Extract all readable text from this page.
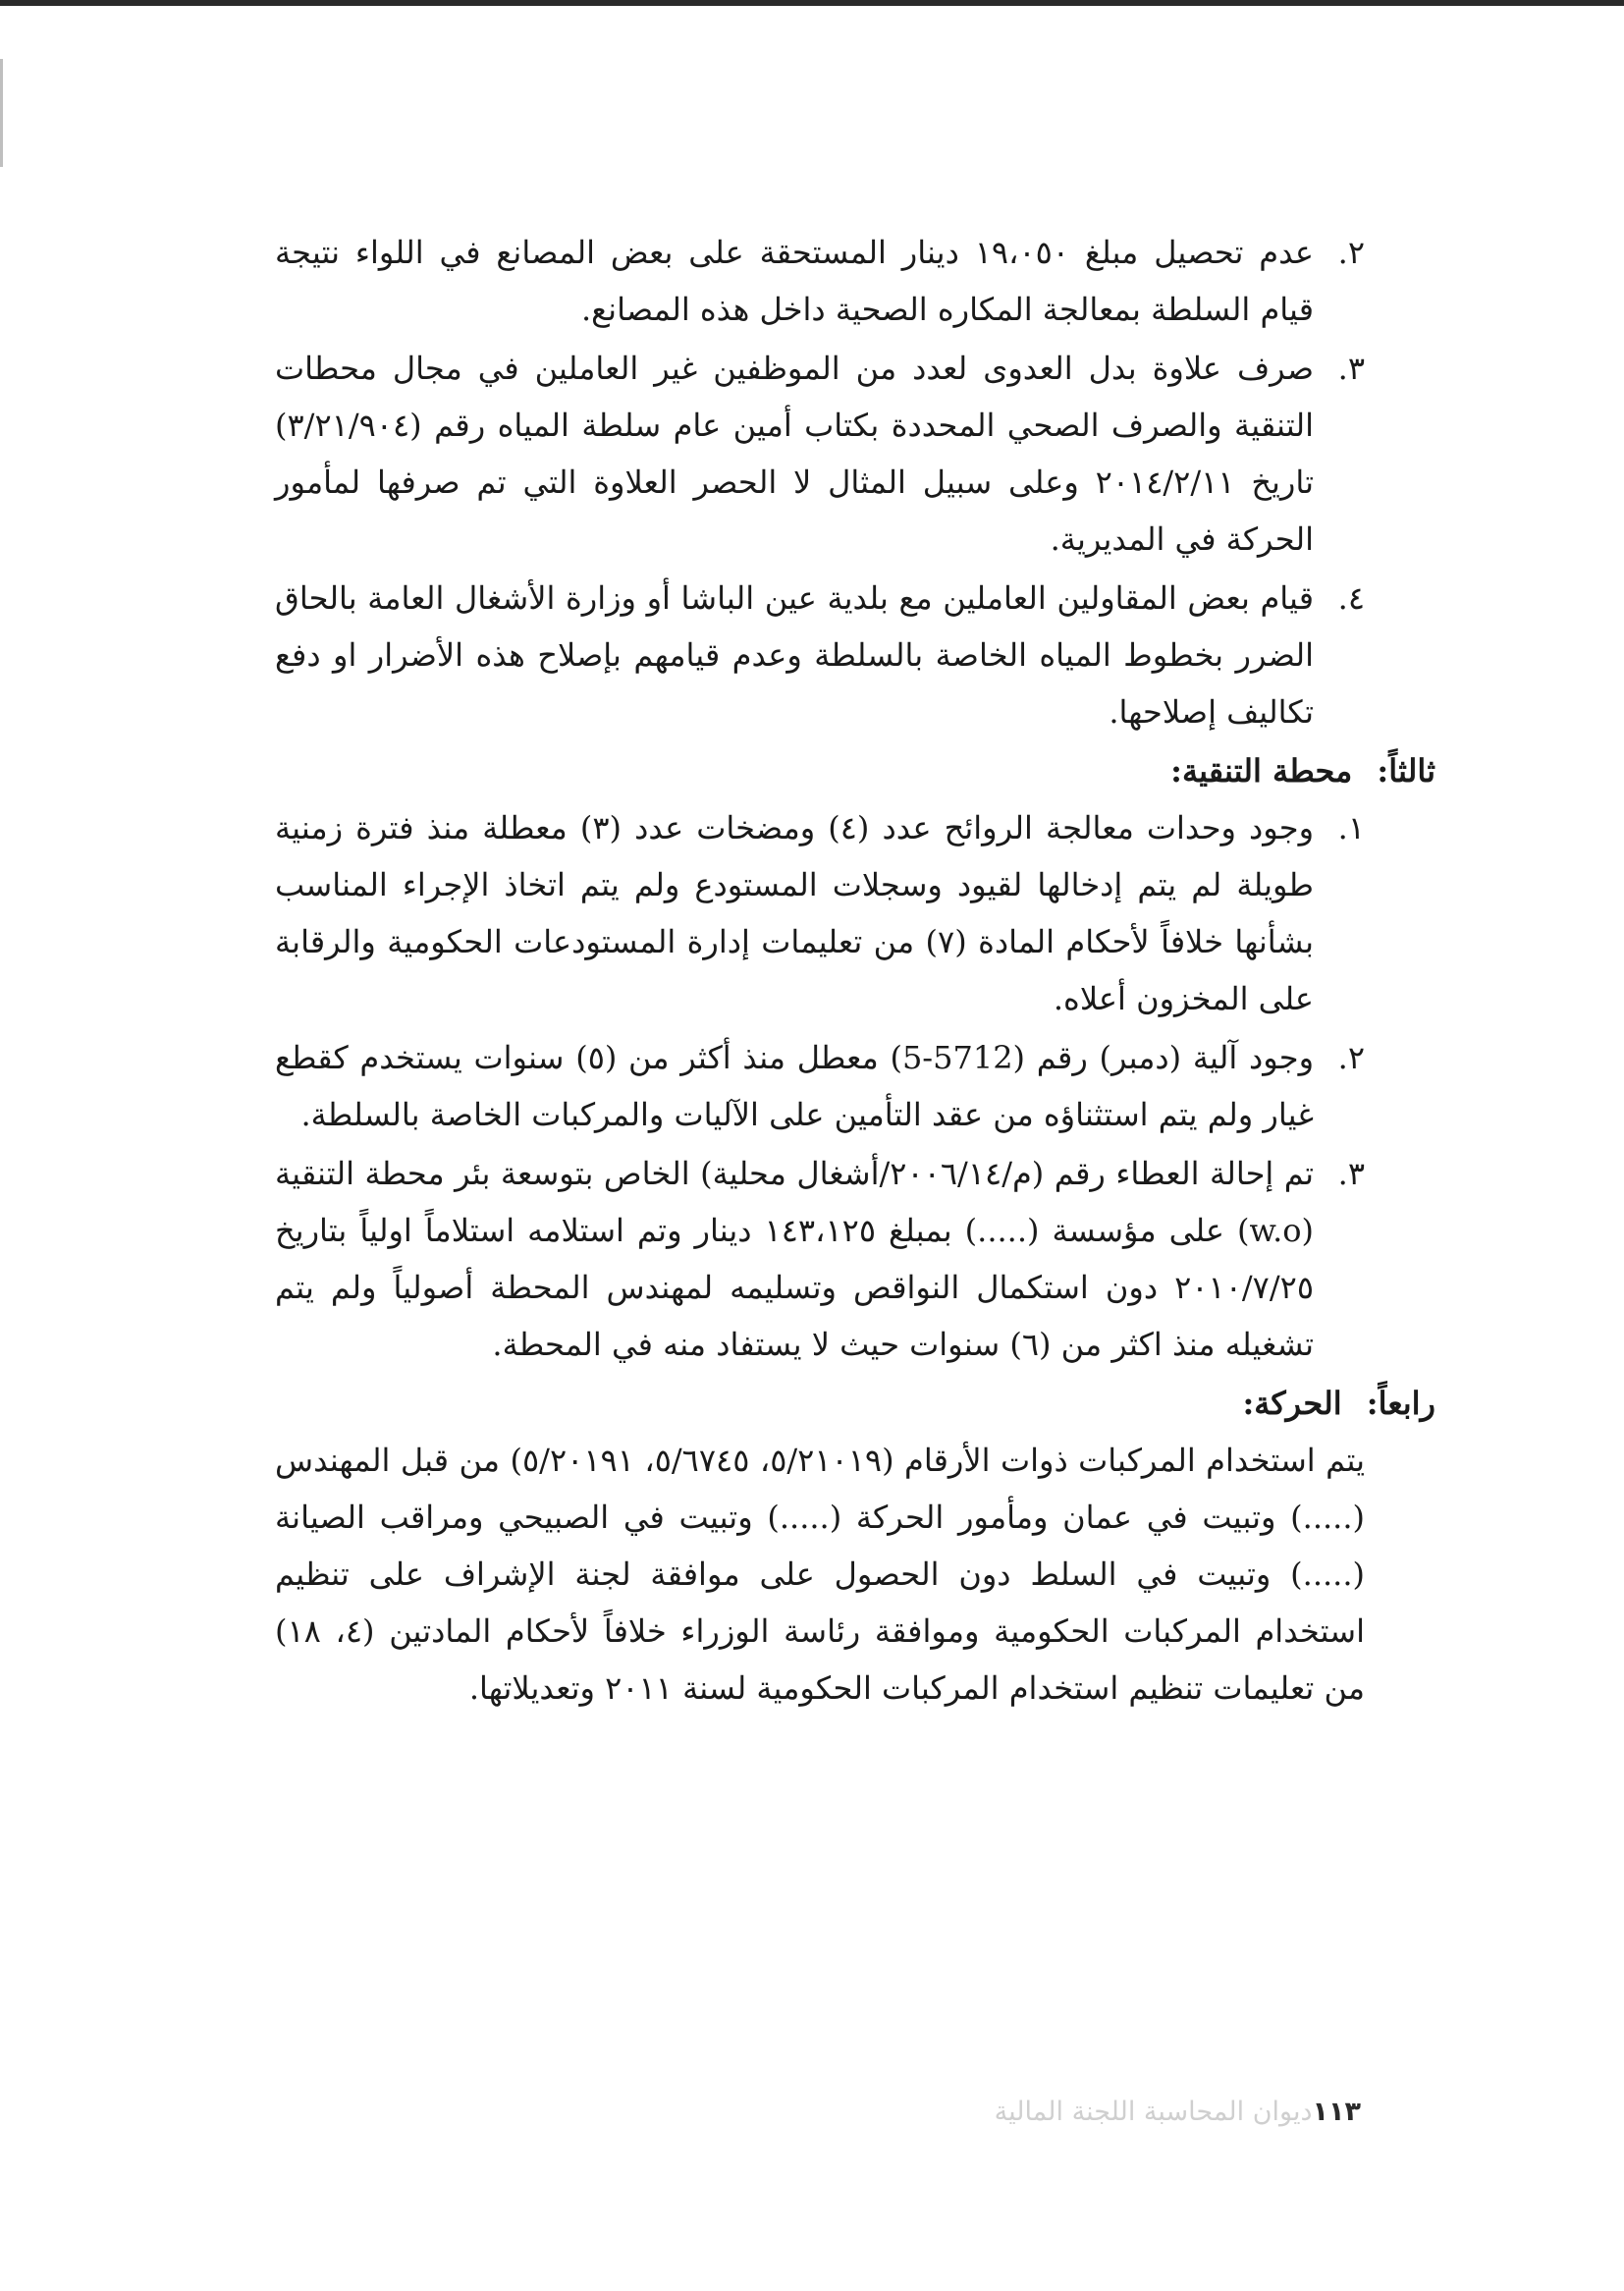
٢.
عدم تحصيل مبلغ ١٩،٠٥٠ دينار المستحقة على بعض المصانع في اللواء نتيجة قيام السلطة بمعالجة المكاره الصحية داخل هذه المصانع.
٣.
صرف علاوة بدل العدوى لعدد من الموظفين غير العاملين في مجال محطات التنقية والصرف الصحي المحددة بكتاب أمين عام سلطة المياه رقم (٣/٢١/٩٠٤) تاريخ ٢٠١٤/٢/١١ وعلى سبيل المثال لا الحصر العلاوة التي تم صرفها لمأمور الحركة في المديرية.
٤.
قيام بعض المقاولين العاملين مع بلدية عين الباشا أو وزارة الأشغال العامة بالحاق الضرر بخطوط المياه الخاصة بالسلطة وعدم قيامهم بإصلاح هذه الأضرار او دفع تكاليف إصلاحها.
ثالثاً: محطة التنقية:
١.
وجود وحدات معالجة الروائح عدد (٤) ومضخات عدد (٣) معطلة منذ فترة زمنية طويلة لم يتم إدخالها لقيود وسجلات المستودع ولم يتم اتخاذ الإجراء المناسب بشأنها خلافاً لأحكام المادة (٧) من تعليمات إدارة المستودعات الحكومية والرقابة على المخزون أعلاه.
٢.
وجود آلية (دمبر) رقم (5712-5) معطل منذ أكثر من (٥) سنوات يستخدم كقطع غيار ولم يتم استثناؤه من عقد التأمين على الآليات والمركبات الخاصة بالسلطة.
٣.
تم إحالة العطاء رقم (م/٢٠٠٦/١٤/أشغال محلية) الخاص بتوسعة بئر محطة التنقية (w.o) على مؤسسة (.....) بمبلغ ١٤٣،١٢٥ دينار وتم استلامه استلاماً اولياً بتاريخ ٢٠١٠/٧/٢٥ دون استكمال النواقص وتسليمه لمهندس المحطة أصولياً ولم يتم تشغيله منذ اكثر من (٦) سنوات حيث لا يستفاد منه في المحطة.
رابعاً: الحركة:

يتم استخدام المركبات ذوات الأرقام (٥/٢١٠١٩، ٥/٦٧٤٥، ٥/٢٠١٩١) من قبل المهندس (.....) وتبيت في عمان ومأمور الحركة (.....) وتبيت في الصبيحي ومراقب الصيانة (.....) وتبيت في السلط دون الحصول على موافقة لجنة الإشراف على تنظيم استخدام المركبات الحكومية وموافقة رئاسة الوزراء خلافاً لأحكام المادتين (٤، ١٨) من تعليمات تنظيم استخدام المركبات الحكومية لسنة ٢٠١١ وتعديلاتها.

١١٣ديوان المحاسبة اللجنة المالية
